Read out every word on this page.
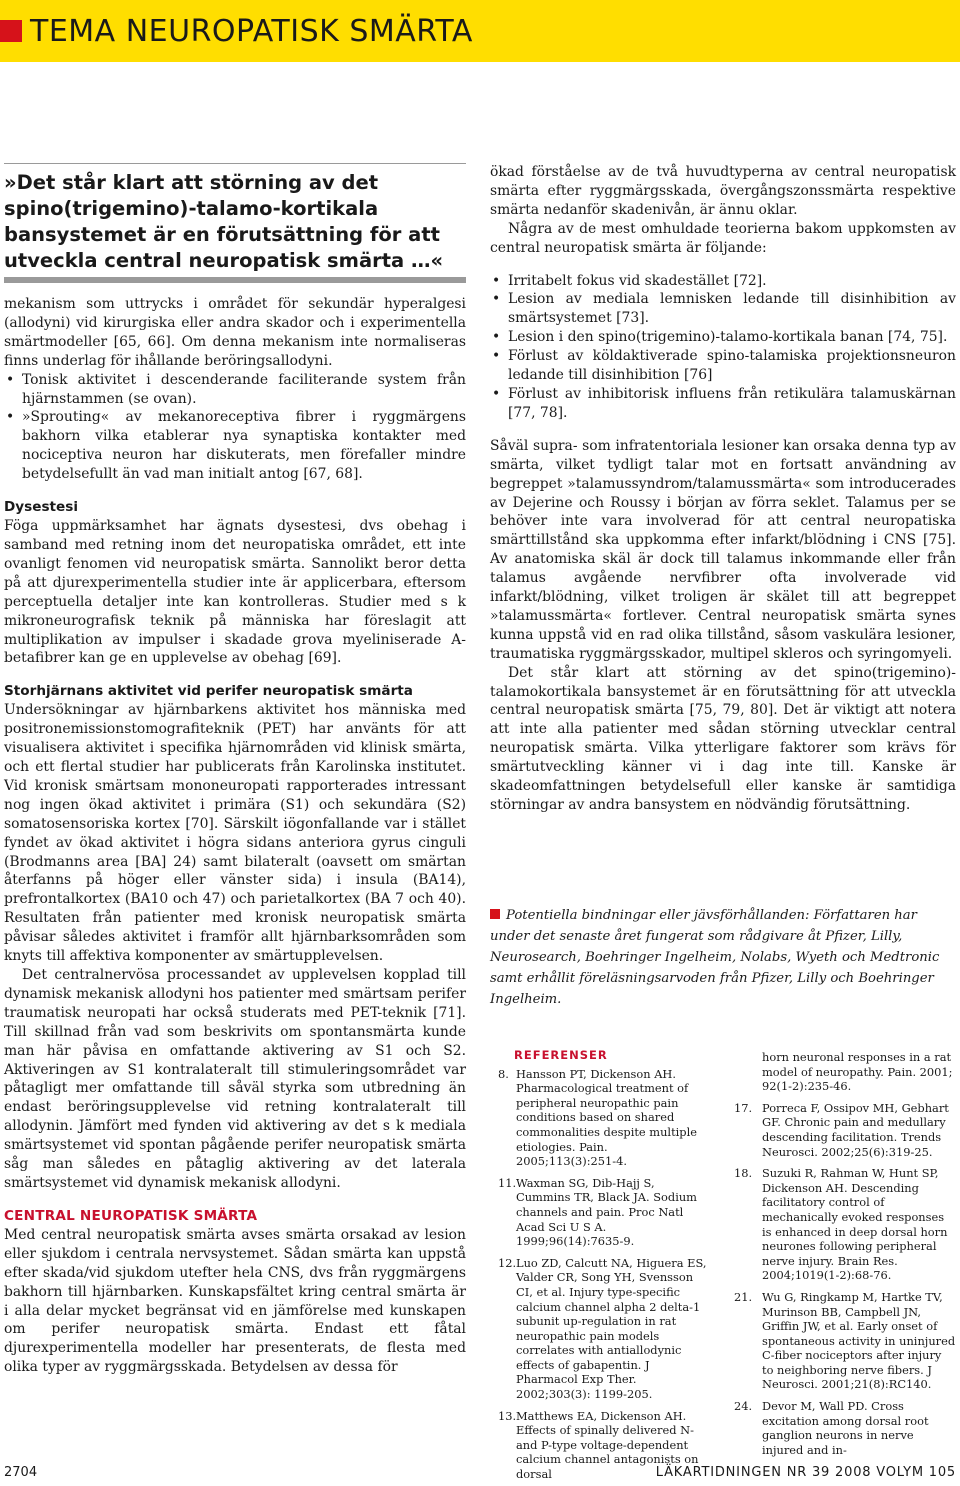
TEMA NEUROPATISK SMÄRTA
»Det står klart att störning av det spino(trigemino)-talamo-kortikala bansystemet är en förutsättning för att utveckla central neuropatisk smärta …«

mekanism som uttrycks i området för sekundär hyperalgesi (allodyni) vid kirurgiska eller andra skador och i experimentella smärtmodeller [65, 66]. Om denna mekanism inte normaliseras finns underlag för ihållande beröringsallodyni.

• Tonisk aktivitet i descenderande faciliterande system från hjärnstammen (se ovan).
• »Sprouting« av mekanoreceptiva fibrer i ryggmärgens bakhorn vilka etablerar nya synaptiska kontakter med nociceptiva neuron har diskuterats, men förefaller mindre betydelsefullt än vad man initialt antog [67, 68].
Dysestesi

Föga uppmärksamhet har ägnats dysestesi, dvs obehag i samband med retning inom det neuropatiska området, ett inte ovanligt fenomen vid neuropatisk smärta. Sannolikt beror detta på att djurexperimentella studier inte är applicerbara, eftersom perceptuella detaljer inte kan kontrolleras. Studier med s k mikroneurografisk teknik på människa har föreslagit att multiplikation av impulser i skadade grova myeliniserade A-betafibrer kan ge en upplevelse av obehag [69].

Storhjärnans aktivitet vid perifer neuropatisk smärta

Undersökningar av hjärnbarkens aktivitet hos människa med positronemissionstomografiteknik (PET) har använts för att visualisera aktivitet i specifika hjärnområden vid klinisk smärta, och ett flertal studier har publicerats från Karolinska institutet. Vid kronisk smärtsam mononeuropati rapporterades intressant nog ingen ökad aktivitet i primära (S1) och sekundära (S2) somatosensoriska kortex [70]. Särskilt iögonfallande var i stället fyndet av ökad aktivitet i högra sidans anteriora gyrus cinguli (Brodmanns area [BA] 24) samt bilateralt (oavsett om smärtan återfanns på höger eller vänster sida) i insula (BA14), prefrontalkortex (BA10 och 47) och parietalkortex (BA 7 och 40). Resultaten från patienter med kronisk neuropatisk smärta påvisar således aktivitet i framför allt hjärnbarksområden som knyts till affektiva komponenter av smärtupplevelsen.

Det centralnervösa processandet av upplevelsen kopplad till dynamisk mekanisk allodyni hos patienter med smärtsam perifer traumatisk neuropati har också studerats med PET-teknik [71]. Till skillnad från vad som beskrivits om spontansmärta kunde man här påvisa en omfattande aktivering av S1 och S2. Aktiveringen av S1 kontralateralt till stimuleringsområdet var påtagligt mer omfattande till såväl styrka som utbredning än endast beröringsupplevelse vid retning kontralateralt till allodynin. Jämfört med fynden vid aktivering av det s k mediala smärtsystemet vid spontan pågående perifer neuropatisk smärta såg man således en påtaglig aktivering av det laterala smärtsystemet vid dynamisk mekanisk allodyni.

CENTRAL NEUROPATISK SMÄRTA

Med central neuropatisk smärta avses smärta orsakad av lesion eller sjukdom i centrala nervsystemet. Sådan smärta kan uppstå efter skada/vid sjukdom utefter hela CNS, dvs från ryggmärgens bakhorn till hjärnbarken. Kunskapsfältet kring central smärta är i alla delar mycket begränsat vid en jämförelse med kunskapen om perifer neuropatisk smärta. Endast ett fåtal djurexperimentella modeller har presenterats, de flesta med olika typer av ryggmärgsskada. Betydelsen av dessa för

ökad förståelse av de två huvudtyperna av central neuropatisk smärta efter ryggmärgsskada, övergångszonssmärta respektive smärta nedanför skadenivån, är ännu oklar.

Några av de mest omhuldade teorierna bakom uppkomsten av central neuropatisk smärta är följande:

• Irritabelt fokus vid skadestället [72].
• Lesion av mediala lemnisken ledande till disinhibition av smärtsystemet [73].
• Lesion i den spino(trigemino)-talamo-kortikala banan [74, 75].
• Förlust av köldaktiverade spino-talamiska projektionsneuron ledande till disinhibition [76]
• Förlust av inhibitorisk influens från retikulära talamuskärnan [77, 78].

Såväl supra- som infratentoriala lesioner kan orsaka denna typ av smärta, vilket tydligt talar mot en fortsatt användning av begreppet »talamussyndrom/talamussmärta« som introducerades av Dejerine och Roussy i början av förra seklet. Talamus per se behöver inte vara involverad för att central neuropatiska smärttillstånd ska uppkomma efter infarkt/blödning i CNS [75]. Av anatomiska skäl är dock till talamus inkommande eller från talamus avgående nervfibrer ofta involverade vid infarkt/blödning, vilket troligen är skälet till att begreppet »talamussmärta« fortlever. Central neuropatisk smärta synes kunna uppstå vid en rad olika tillstånd, såsom vaskulära lesioner, traumatiska ryggmärgsskador, multipel skleros och syringomyeli.

Det står klart att störning av det spino(trigemino)-talamokortikala bansystemet är en förutsättning för att utveckla central neuropatisk smärta [75, 79, 80]. Det är viktigt att notera att inte alla patienter med sådan störning utvecklar central neuropatisk smärta. Vilka ytterligare faktorer som krävs för smärtutveckling känner vi i dag inte till. Kanske är skadeomfattningen betydelsefull eller kanske är samtidiga störningar av andra bansystem en nödvändig förutsättning.

Potentiella bindningar eller jävsförhållanden: Författaren har under det senaste året fungerat som rådgivare åt Pfizer, Lilly, Neurosearch, Boehringer Ingelheim, Nolabs, Wyeth och Medtronic samt erhållit föreläsningsarvoden från Pfizer, Lilly och Boehringer Ingelheim.
REFERENSER
8. Hansson PT, Dickenson AH. Pharmacological treatment of peripheral neuropathic pain conditions based on shared commonalities despite multiple etiologies. Pain. 2005;113(3):251-4.
11. Waxman SG, Dib-Hajj S, Cummins TR, Black JA. Sodium channels and pain. Proc Natl Acad Sci U S A. 1999;96(14):7635-9.
12. Luo ZD, Calcutt NA, Higuera ES, Valder CR, Song YH, Svensson CI, et al. Injury type-specific calcium channel alpha 2 delta-1 subunit up-regulation in rat neuropathic pain models correlates with antiallodynic effects of gabapentin. J Pharmacol Exp Ther. 2002;303(3): 1199-205.
13. Matthews EA, Dickenson AH. Effects of spinally delivered N- and P-type voltage-dependent calcium channel antagonists on dorsal
horn neuronal responses in a rat model of neuropathy. Pain. 2001; 92(1-2):235-46.
17. Porreca F, Ossipov MH, Gebhart GF. Chronic pain and medullary descending facilitation. Trends Neurosci. 2002;25(6):319-25.
18. Suzuki R, Rahman W, Hunt SP, Dickenson AH. Descending facilitatory control of mechanically evoked responses is enhanced in deep dorsal horn neurones following peripheral nerve injury. Brain Res. 2004;1019(1-2):68-76.
21. Wu G, Ringkamp M, Hartke TV, Murinson BB, Campbell JN, Griffin JW, et al. Early onset of spontaneous activity in uninjured C-fiber nociceptors after injury to neighboring nerve fibers. J Neurosci. 2001;21(8):RC140.
24. Devor M, Wall PD. Cross excitation among dorsal root ganglion neurons in nerve injured and in-
2704	LÄKARTIDNINGEN NR 39 2008 VOLYM 105
